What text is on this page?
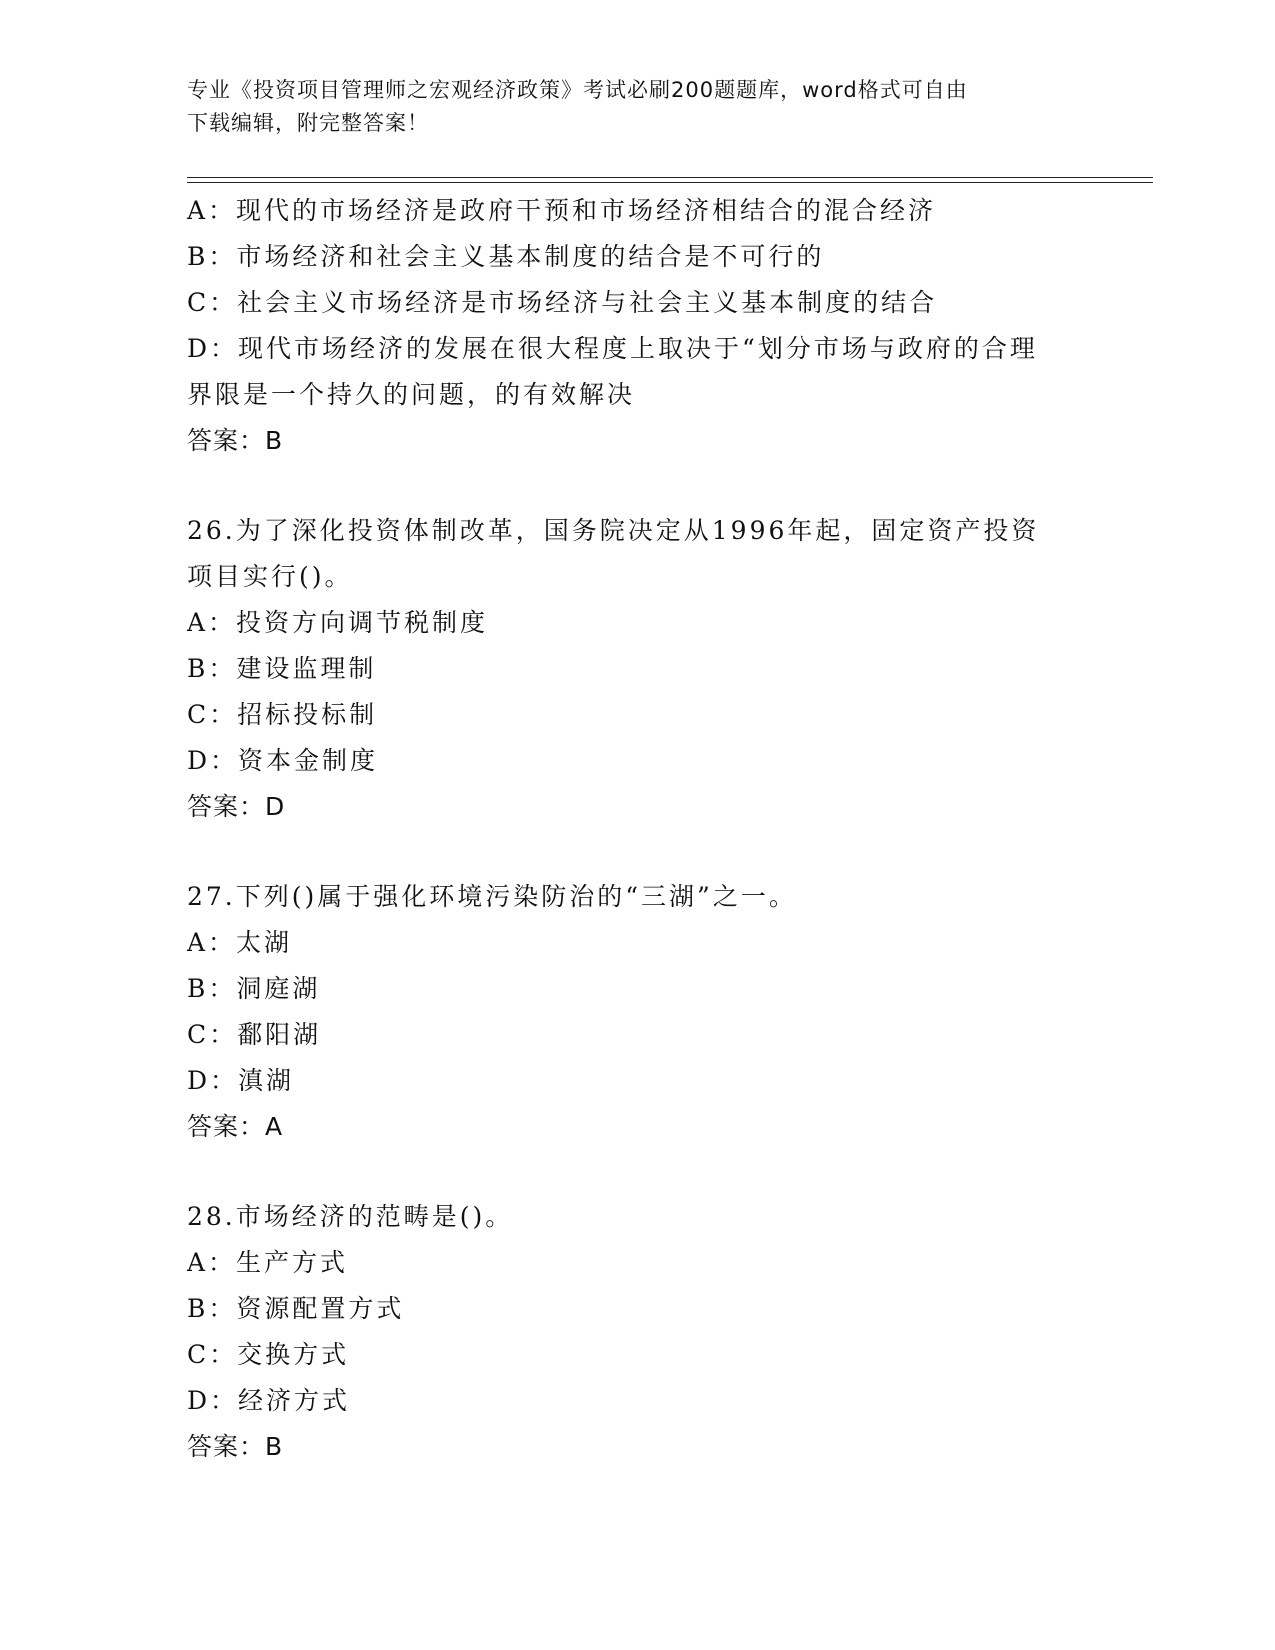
专业《投资项目管理师之宏观经济政策》考试必刷200题题库，word格式可自由
下载编辑，附完整答案！
A：现代的市场经济是政府干预和市场经济相结合的混合经济
B：市场经济和社会主义基本制度的结合是不可行的
C：社会主义市场经济是市场经济与社会主义基本制度的结合
D：现代市场经济的发展在很大程度上取决于“划分市场与政府的合理
界限是一个持久的问题，的有效解决
答案：B
26.为了深化投资体制改革，国务院决定从1996年起，固定资产投资
项目实行()。
A：投资方向调节税制度
B：建设监理制
C：招标投标制
D：资本金制度
答案：D
27.下列()属于强化环境污染防治的“三湖”之一。
A：太湖
B：洞庭湖
C：鄱阳湖
D：滇湖
答案：A
28.市场经济的范畴是()。
A：生产方式
B：资源配置方式
C：交换方式
D：经济方式
答案：B
